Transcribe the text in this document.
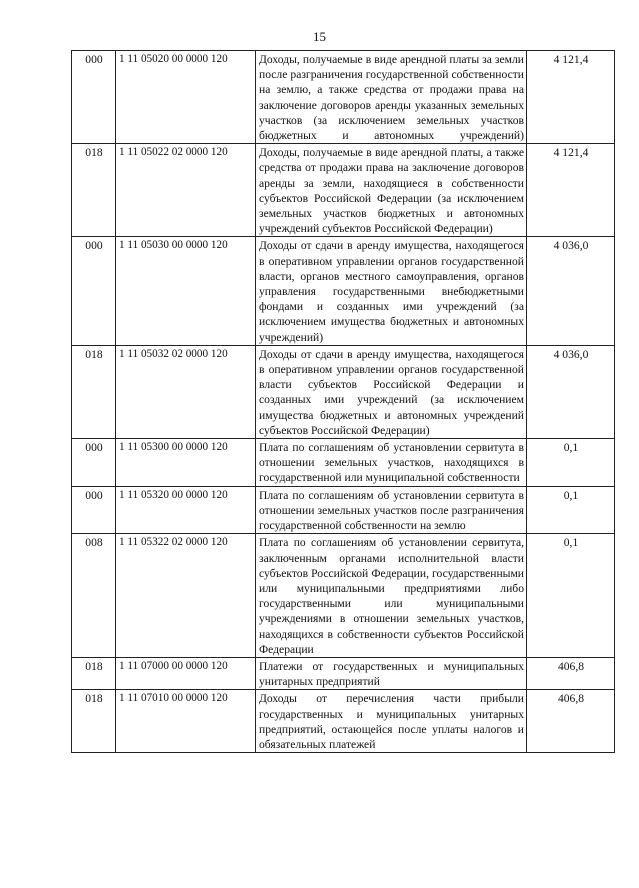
15
000	1 11 05020 00 0000 120	Доходы, получаемые в виде арендной платы за земли после разграничения государственной собственности на землю, а также средства от продажи права на заключение договоров аренды указанных земельных участков (за исключением земельных участков бюджетных и автономных учреждений)	4 121,4
018	1 11 05022 02 0000 120	Доходы, получаемые в виде арендной платы, а также средства от продажи права на заключение договоров аренды за земли, находящиеся в собственности субъектов Российской Федерации (за исключением земельных участков бюджетных и автономных учреждений субъектов Российской Федерации)	4 121,4
000	1 11 05030 00 0000 120	Доходы от сдачи в аренду имущества, находящегося в оперативном управлении органов государственной власти, органов местного самоуправления, органов управления государственными внебюджетными фондами и созданных ими учреждений (за исключением имущества бюджетных и автономных учреждений)	4 036,0
018	1 11 05032 02 0000 120	Доходы от сдачи в аренду имущества, находящегося в оперативном управлении органов государственной власти субъектов Российской Федерации и созданных ими учреждений (за исключением имущества бюджетных и автономных учреждений субъектов Российской Федерации)	4 036,0
000	1 11 05300 00 0000 120	Плата по соглашениям об установлении сервитута в отношении земельных участков, находящихся в государственной или муниципальной собственности	0,1
000	1 11 05320 00 0000 120	Плата по соглашениям об установлении сервитута в отношении земельных участков после разграничения государственной собственности на землю	0,1
008	1 11 05322 02 0000 120	Плата по соглашениям об установлении сервитута, заключенным органами исполнительной власти субъектов Российской Федерации, государственными или муниципальными предприятиями либо государственными или муниципальными учреждениями в отношении земельных участков, находящихся в собственности субъектов Российской Федерации	0,1
018	1 11 07000 00 0000 120	Платежи от государственных и муниципальных унитарных предприятий	406,8
018	1 11 07010 00 0000 120	Доходы от перечисления части прибыли государственных и муниципальных унитарных предприятий, остающейся после уплаты налогов и обязательных платежей	406,8
